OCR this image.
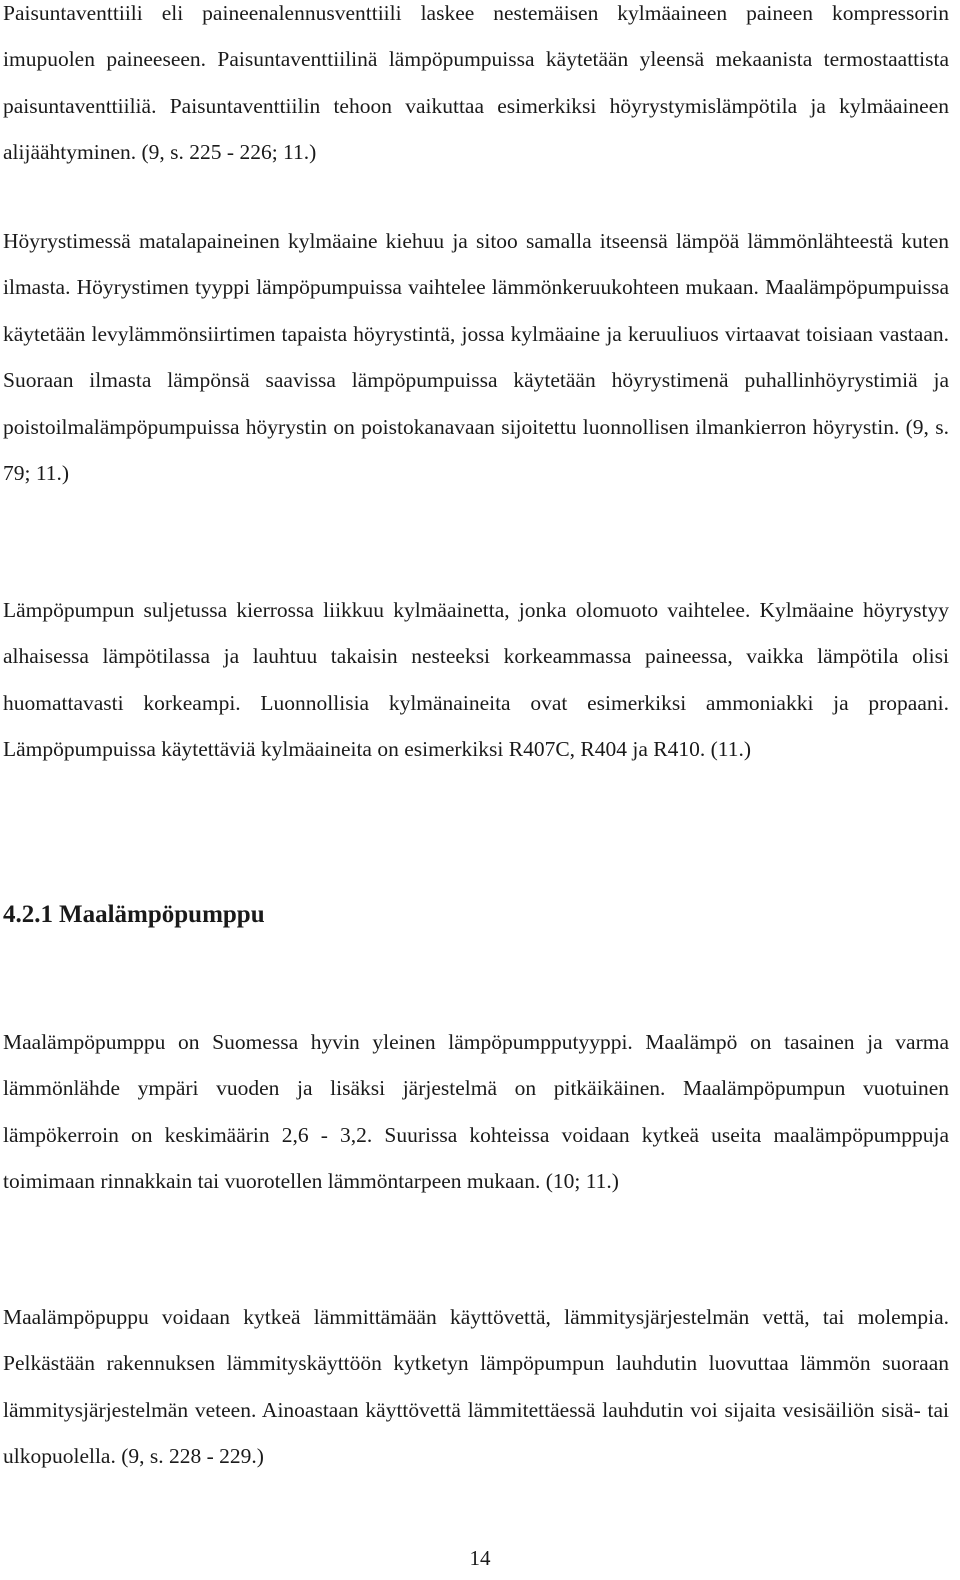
Paisuntaventtiili eli paineenalennusventtiili laskee nestemäisen kylmäaineen paineen kompressorin imupuolen paineeseen. Paisuntaventtiilinä lämpöpumpuissa käytetään yleensä mekaanista termostaattista paisuntaventtiiliä. Paisuntaventtiilin tehoon vaikuttaa esimerkiksi höyrystymislämpötila ja kylmäaineen alijäähtyminen. (9, s. 225 - 226; 11.)

Höyrystimessä matalapaineinen kylmäaine kiehuu ja sitoo samalla itseensä lämpöä lämmönlähteestä kuten ilmasta. Höyrystimen tyyppi lämpöpumpuissa vaihtelee lämmönkeruukohteen mukaan. Maalämpöpumpuissa käytetään levylämmönsiirtimen tapaista höyrystintä, jossa kylmäaine ja keruuliuos virtaavat toisiaan vastaan. Suoraan ilmasta lämpönsä saavissa lämpöpumpuissa käytetään höyrystimenä puhallinhöyrystimiä ja poistoilmalämpöpumpuissa höyrystin on poistokanavaan sijoitettu luonnollisen ilmankierron höyrystin. (9, s. 79; 11.)

Lämpöpumpun suljetussa kierrossa liikkuu kylmäainetta, jonka olomuoto vaihtelee. Kylmäaine höyrystyy alhaisessa lämpötilassa ja lauhtuu takaisin nesteeksi korkeammassa paineessa, vaikka lämpötila olisi huomattavasti korkeampi. Luonnollisia kylmänaineita ovat esimerkiksi ammoniakki ja propaani. Lämpöpumpuissa käytettäviä kylmäaineita on esimerkiksi R407C, R404 ja R410. (11.)

4.2.1 Maalämpöpumppu

Maalämpöpumppu on Suomessa hyvin yleinen lämpöpumpputyyppi. Maalämpö on tasainen ja varma lämmönlähde ympäri vuoden ja lisäksi järjestelmä on pitkäikäinen. Maalämpöpumpun vuotuinen lämpökerroin on keskimäärin 2,6 - 3,2. Suurissa kohteissa voidaan kytkeä useita maalämpöpumppuja toimimaan rinnakkain tai vuorotellen lämmöntarpeen mukaan. (10; 11.)

Maalämpöpuppu voidaan kytkeä lämmittämään käyttövettä, lämmitysjärjestelmän vettä, tai molempia. Pelkästään rakennuksen lämmityskäyttöön kytketyn lämpöpumpun lauhdutin luovuttaa lämmön suoraan lämmitysjärjestelmän veteen. Ainoastaan käyttövettä lämmitettäessä lauhdutin voi sijaita vesisäiliön sisä- tai ulkopuolella. (9, s. 228 - 229.)

14
